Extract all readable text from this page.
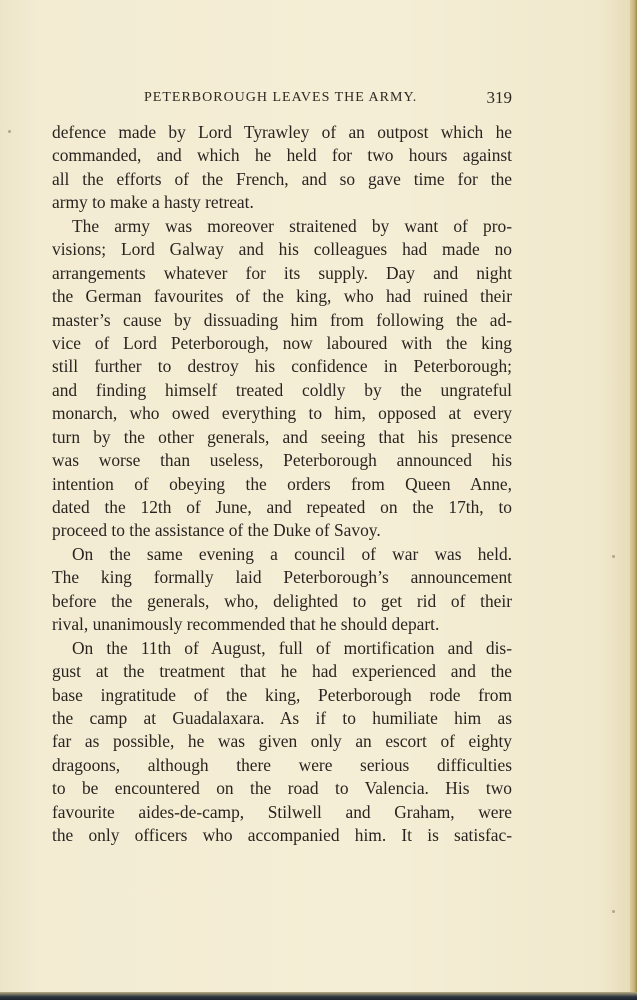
PETERBOROUGH LEAVES THE ARMY.	319
defence made by Lord Tyrawley of an outpost which he
commanded, and which he held for two hours against
all the efforts of the French, and so gave time for the
army to make a hasty retreat.
The army was moreover straitened by want of pro-
visions; Lord Galway and his colleagues had made no
arrangements whatever for its supply. Day and night
the German favourites of the king, who had ruined their
master’s cause by dissuading him from following the ad-
vice of Lord Peterborough, now laboured with the king
still further to destroy his confidence in Peterborough;
and finding himself treated coldly by the ungrateful
monarch, who owed everything to him, opposed at every
turn by the other generals, and seeing that his presence
was worse than useless, Peterborough announced his
intention of obeying the orders from Queen Anne,
dated the 12th of June, and repeated on the 17th, to
proceed to the assistance of the Duke of Savoy.
On the same evening a council of war was held.
The king formally laid Peterborough’s announcement
before the generals, who, delighted to get rid of their
rival, unanimously recommended that he should depart.
On the 11th of August, full of mortification and dis-
gust at the treatment that he had experienced and the
base ingratitude of the king, Peterborough rode from
the camp at Guadalaxara. As if to humiliate him as
far as possible, he was given only an escort of eighty
dragoons, although there were serious difficulties
to be encountered on the road to Valencia. His two
favourite aides-de-camp, Stilwell and Graham, were
the only officers who accompanied him. It is satisfac-
